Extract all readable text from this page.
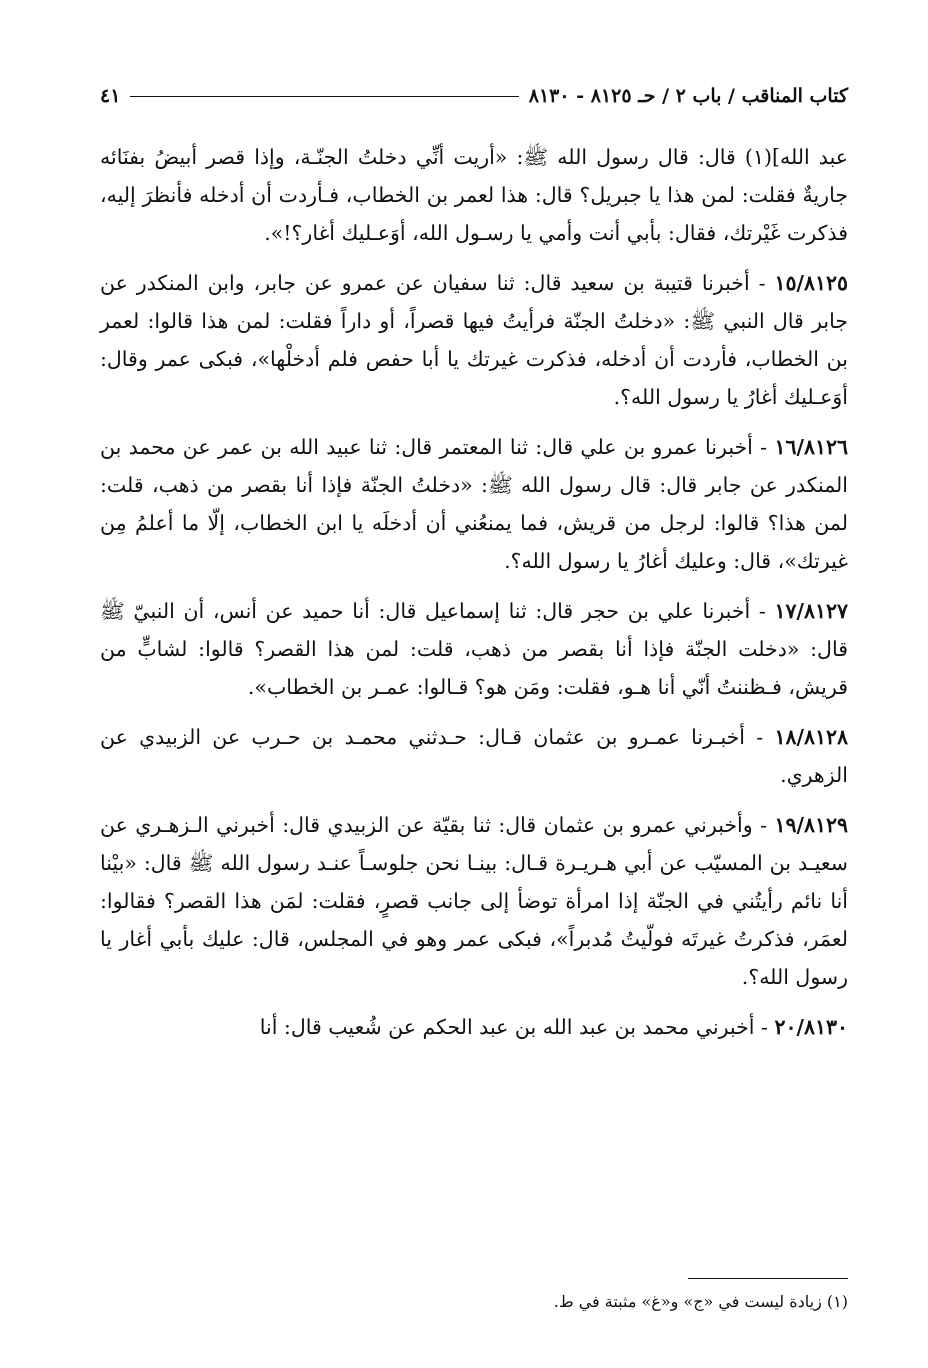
كتاب المناقب / باب ٢ / حـ ٨١٢٥ - ٨١٣٠
٤١

عبد الله](١) قال: قال رسول الله ﷺ: «أريت أنِّي دخلتُ الجنّـة، وإذا قصر أبيضُ بفنَائه جاريةٌ فقلت: لمن هذا يا جبريل؟ قال: هذا لعمر بن الخطاب، فـأردت أن أدخله فأنظرَ إليه، فذكرت غَيْرتك، فقال: بأبي أنت وأمي يا رسـول الله، أوَعـليك أغار؟!».

١٥/٨١٢٥ - أخبرنا قتيبة بن سعيد قال: ثنا سفيان عن عمرو عن جابر، وابن المنكدر عن جابر قال النبي ﷺ: «دخلتُ الجنّة فرأيتُ فيها قصراً، أو داراً فقلت: لمن هذا قالوا: لعمر بن الخطاب، فأردت أن أدخله، فذكرت غيرتك يا أبا حفص فلم أدخلْها»، فبكى عمر وقال: أوَعـليك أغارُ يا رسول الله؟.

١٦/٨١٢٦ - أخبرنا عمرو بن علي قال: ثنا المعتمر قال: ثنا عبيد الله بن عمر عن محمد بن المنكدر عن جابر قال: قال رسول الله ﷺ: «دخلتُ الجنّة فإذا أنا بقصر من ذهب، قلت: لمن هذا؟ قالوا: لرجل من قريش، فما يمنعُني أن أدخلَه يا ابن الخطاب، إلّا ما أعلمُ مِن غيرتك»، قال: وعليك أغارُ يا رسول الله؟.

١٧/٨١٢٧ - أخبرنا علي بن حجر قال: ثنا إسماعيل قال: أنا حميد عن أنس، أن النبيّ ﷺ قال: «دخلت الجنّة فإذا أنا بقصر من ذهب، قلت: لمن هذا القصر؟ قالوا: لشابٍّ من قريش، فـظننتُ أنّي أنا هـو، فقلت: ومَن هو؟ قـالوا: عمـر بن الخطاب».

١٨/٨١٢٨ - أخبـرنا عمـرو بن عثمان قـال: حـدثني محمـد بن حـرب عن الزبيدي عن الزهري.

١٩/٨١٢٩ - وأخبرني عمرو بن عثمان قال: ثنا بقيّة عن الزبيدي قال: أخبرني الـزهـري عن سعيـد بن المسيّب عن أبي هـريـرة قـال: بينـا نحن جلوسـاً عنـد رسول الله ﷺ قال: «بيْنا أنا نائم رأيتُني في الجنّة إذا امرأة توضأ إلى جانب قصرٍ، فقلت: لمَن هذا القصر؟ فقالوا: لعمَر، فذكرتُ غيرتَه فولّيتُ مُدبراً»، فبكى عمر وهو في المجلس، قال: عليك بأبي أغار يا رسول الله؟.

٢٠/٨١٣٠ - أخبرني محمد بن عبد الله بن عبد الحكم عن شُعيب قال: أنا

(١) زيادة ليست في «ج» و«غ» مثبتة في ط.
